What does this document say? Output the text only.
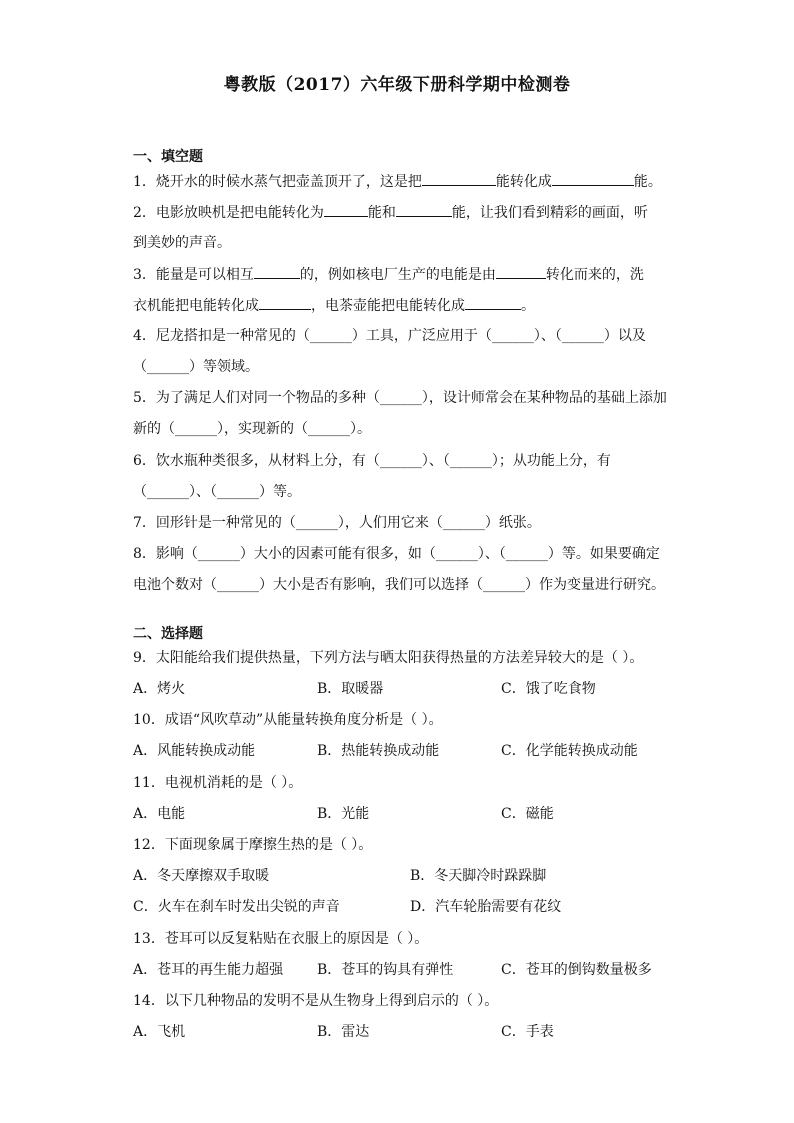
粤教版（2017）六年级下册科学期中检测卷
一、填空题
1．烧开水的时候水蒸气把壶盖顶开了，这是把	能转化成	能。
2．电影放映机是把电能转化为	能和	能，让我们看到精彩的画面，听
到美妙的声音。
3．能量是可以相互	的，例如核电厂生产的电能是由	转化而来的，洗
衣机能把电能转化成	，电茶壶能把电能转化成	。
4．尼龙搭扣是一种常见的（______）工具，广泛应用于（______）、（______）以及
（______）等领域。
5．为了满足人们对同一个物品的多种（______），设计师常会在某种物品的基础上添加
新的（______），实现新的（______）。
6．饮水瓶种类很多，从材料上分，有（______）、（______）；从功能上分，有
（______）、（______）等。
7．回形针是一种常见的（______），人们用它来（______）纸张。
8．影响（______）大小的因素可能有很多，如（______）、（______）等。如果要确定
电池个数对（______）大小是否有影响，我们可以选择（______）作为变量进行研究。
二、选择题
9．太阳能给我们提供热量，下列方法与晒太阳获得热量的方法差异较大的是（ ）。
A．烤火	B．取暖器	C．饿了吃食物
10．成语“风吹草动”从能量转换角度分析是（ ）。
A．风能转换成动能	B．热能转换成动能	C．化学能转换成动能
11．电视机消耗的是（ ）。
A．电能	B．光能	C．磁能
12．下面现象属于摩擦生热的是（ ）。
A．冬天摩擦双手取暖	B．冬天脚冷时跺跺脚
C．火车在刹车时发出尖锐的声音	D．汽车轮胎需要有花纹
13．苍耳可以反复粘贴在衣服上的原因是（ ）。
A．苍耳的再生能力超强 B．苍耳的钩具有弹性	C．苍耳的倒钩数量极多
14．以下几种物品的发明不是从生物身上得到启示的（ ）。
A．飞机	B．雷达	C．手表
